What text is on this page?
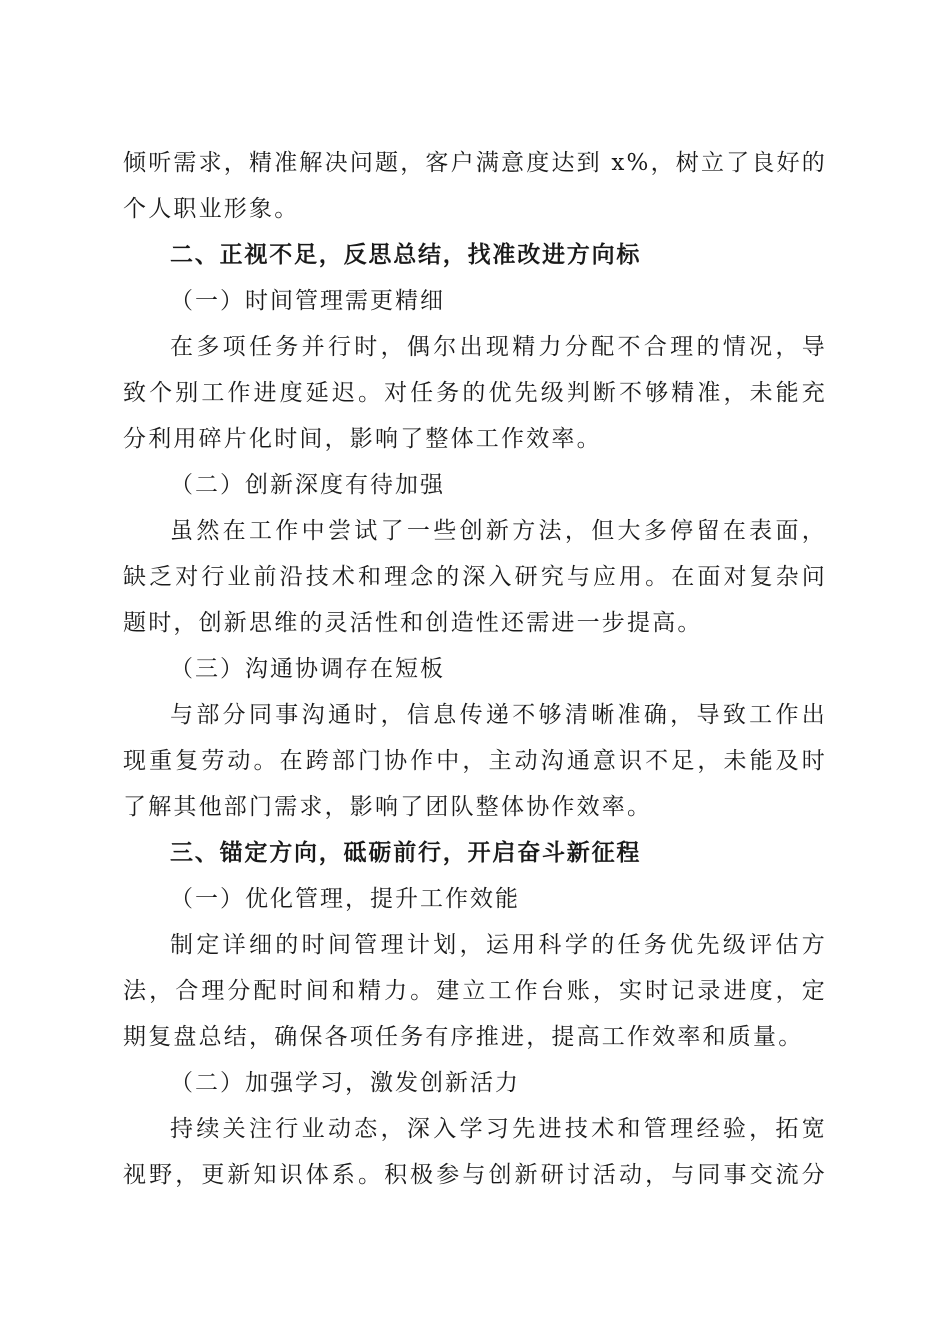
倾听需求，精准解决问题，客户满意度达到 x%，树立了良好的
个人职业形象。
二、正视不足，反思总结，找准改进方向标
（一）时间管理需更精细
在多项任务并行时，偶尔出现精力分配不合理的情况，导
致个别工作进度延迟。对任务的优先级判断不够精准，未能充
分利用碎片化时间，影响了整体工作效率。
（二）创新深度有待加强
虽然在工作中尝试了一些创新方法，但大多停留在表面，
缺乏对行业前沿技术和理念的深入研究与应用。在面对复杂问
题时，创新思维的灵活性和创造性还需进一步提高。
（三）沟通协调存在短板
与部分同事沟通时，信息传递不够清晰准确，导致工作出
现重复劳动。在跨部门协作中，主动沟通意识不足，未能及时
了解其他部门需求，影响了团队整体协作效率。
三、锚定方向，砥砺前行，开启奋斗新征程
（一）优化管理，提升工作效能
制定详细的时间管理计划，运用科学的任务优先级评估方
法，合理分配时间和精力。建立工作台账，实时记录进度，定
期复盘总结，确保各项任务有序推进，提高工作效率和质量。
（二）加强学习，激发创新活力
持续关注行业动态，深入学习先进技术和管理经验，拓宽
视野，更新知识体系。积极参与创新研讨活动，与同事交流分
